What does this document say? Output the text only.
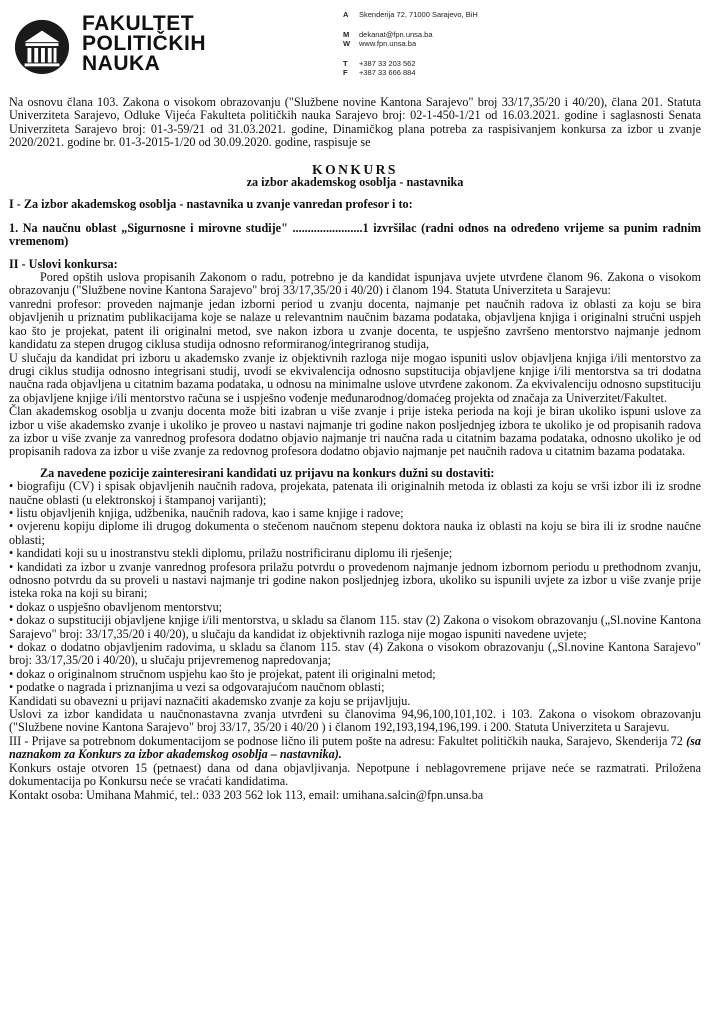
FAKULTET
POLITIČKIH
NAUKA
A	Skenderija 72, 71000 Sarajevo, BiH
M	dekanat@fpn.unsa.ba
W	www.fpn.unsa.ba
T	+387 33 203 562
F	+387 33 666 884

Na osnovu člana 103. Zakona o visokom obrazovanju ("Službene novine Kantona Sarajevo" broj 33/17,35/20 i 40/20), člana 201. Statuta Univerziteta Sarajevo, Odluke Vijeća Fakulteta političkih nauka Sarajevo broj: 02-1-450-1/21 od 16.03.2021. godine i saglasnosti Senata Univerziteta Sarajevo broj: 01-3-59/21 od 31.03.2021. godine, Dinamičkog plana potreba za raspisivanjem konkursa za izbor u zvanje 2020/2021. godine br. 01-3-2015-1/20 od 30.09.2020. godine, raspisuje se

KONKURS

za izbor akademskog osoblja - nastavnika

I - Za izbor akademskog osoblja - nastavnika u zvanje vanredan profesor i to:

1. Na naučnu oblast „Sigurnosne i mirovne studije" .......................1 izvršilac (radni odnos na određeno vrijeme sa punim radnim vremenom)

II - Uslovi konkursa:

Pored opštih uslova propisanih Zakonom o radu, potrebno je da kandidat ispunjava uvjete utvrđene članom 96. Zakona o visokom obrazovanju ("Službene novine Kantona Sarajevo" broj 33/17,35/20 i 40/20) i članom 194. Statuta Univerziteta u Sarajevu:

vanredni profesor: proveden najmanje jedan izborni period u zvanju docenta, najmanje pet naučnih radova iz oblasti za koju se bira objavljenih u priznatim publikacijama koje se nalaze u relevantnim naučnim bazama podataka, objavljena knjiga i originalni stručni uspjeh kao što je projekat, patent ili originalni metod, sve nakon izbora u zvanje docenta, te uspješno završeno mentorstvo najmanje jednom kandidatu za stepen drugog ciklusa studija odnosno reformiranog/integriranog studija,

U slučaju da kandidat pri izboru u akademsko zvanje iz objektivnih razloga nije mogao ispuniti uslov objavljena knjiga i/ili mentorstvo za drugi ciklus studija odnosno integrisani studij, uvodi se ekvivalencija odnosno supstitucija objavljene knjige i/ili mentorstva sa tri dodatna naučna rada objavljena u citatnim bazama podataka, u odnosu na minimalne uslove utvrđene zakonom. Za ekvivalenciju odnosno supstituciju za objavljene knjige i/ili mentorstvo računa se i uspješno vođenje međunarodnog/domaćeg projekta od značaja za Univerzitet/Fakultet.

Član akademskog osoblja u zvanju docenta može biti izabran u više zvanje i prije isteka perioda na koji je biran ukoliko ispuni uslove za izbor u više akademsko zvanje i ukoliko je proveo u nastavi najmanje tri godine nakon posljednjeg izbora te ukoliko je od propisanih radova za izbor u više zvanje za vanrednog profesora dodatno objavio najmanje tri naučna rada u citatnim bazama podataka, odnosno ukoliko je od propisanih radova za izbor u više zvanje za redovnog profesora dodatno objavio najmanje pet naučnih radova u citatnim bazama podataka.

Za navedene pozicije zainteresirani kandidati uz prijavu na konkurs dužni su dostaviti:

• biografiju (CV) i spisak objavljenih naučnih radova, projekata, patenata ili originalnih metoda iz oblasti za koju se vrši izbor ili iz srodne naučne oblasti (u elektronskoj i štampanoj varijanti);

• listu objavljenih knjiga, udžbenika, naučnih radova, kao i same knjige i radove;

• ovjerenu kopiju diplome ili drugog dokumenta o stečenom naučnom stepenu doktora nauka iz oblasti na koju se bira ili iz srodne naučne oblasti;

• kandidati koji su u inostranstvu stekli diplomu, prilažu nostrificiranu diplomu ili rješenje;

• kandidati za izbor u zvanje vanrednog profesora prilažu potvrdu o provedenom najmanje jednom izbornom periodu u prethodnom zvanju, odnosno potvrdu da su proveli u nastavi najmanje tri godine nakon posljednjeg izbora, ukoliko su ispunili uvjete za izbor u više zvanje prije isteka roka na koji su birani;

• dokaz o uspješno obavljenom mentorstvu;

• dokaz o supstituciji objavljene knjige i/ili mentorstva, u skladu sa članom 115. stav (2) Zakona o visokom obrazovanju („Sl.novine Kantona Sarajevo" broj: 33/17,35/20 i 40/20), u slučaju da kandidat iz objektivnih razloga nije mogao ispuniti navedene uvjete;

• dokaz o dodatno objavljenim radovima, u skladu sa članom 115. stav (4) Zakona o visokom obrazovanju („Sl.novine Kantona Sarajevo" broj: 33/17,35/20 i 40/20), u slučaju prijevremenog napredovanja;

• dokaz o originalnom stručnom uspjehu kao što je projekat, patent ili originalni metod;

• podatke o nagrada i priznanjima u vezi sa odgovarajućom naučnom oblasti;

Kandidati su obavezni u prijavi naznačiti akademsko zvanje za koju se prijavljuju.

Uslovi za izbor kandidata u naučnonastavna zvanja utvrđeni su članovima 94,96,100,101,102. i 103. Zakona o visokom obrazovanju ("Službene novine Kantona Sarajevo" broj 33/17, 35/20 i 40/20 ) i članom 192,193,194,196,199. i 200. Statuta Univerziteta u Sarajevu.

III - Prijave sa potrebnom dokumentacijom se podnose lično ili putem pošte na adresu: Fakultet političkih nauka, Sarajevo, Skenderija 72 (sa naznakom za Konkurs za izbor akademskog osoblja – nastavnika).

Konkurs ostaje otvoren 15 (petnaest) dana od dana objavljivanja. Nepotpune i neblagovremene prijave neće se razmatrati. Priložena dokumentacija po Konkursu neće se vraćati kandidatima.

Kontakt osoba: Umihana Mahmić, tel.: 033 203 562 lok 113, email: umihana.salcin@fpn.unsa.ba
